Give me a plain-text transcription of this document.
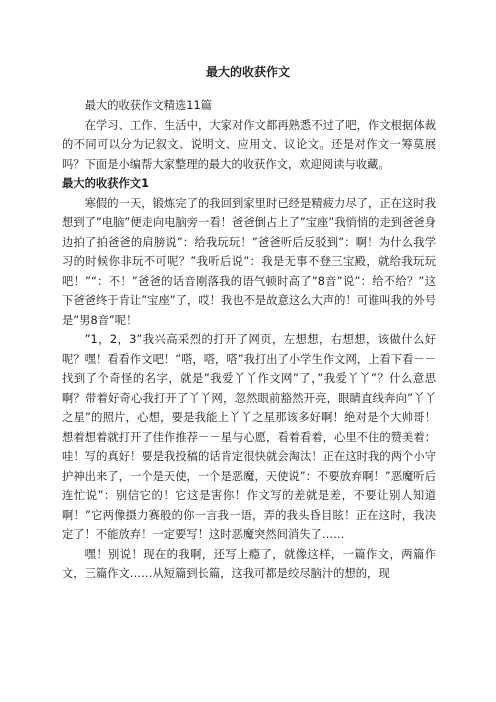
最大的收获作文

最大的收获作文精选11篇

在学习、工作、生活中，大家对作文都再熟悉不过了吧，作文根据体裁的不同可以分为记叙文、说明文、应用文、议论文。还是对作文一筹莫展吗？下面是小编帮大家整理的最大的收获作文，欢迎阅读与收藏。

最大的收获作文1

寒假的一天，锻炼完了的我回到家里时已经是精疲力尽了，正在这时我想到了”电脑”便走向电脑旁一看！爸爸倒占上了”宝座”我悄悄的走到爸爸身边拍了拍爸爸的肩膀说”：给我玩玩！”爸爸听后反驳到”：啊！为什么我学习的时候你非玩不可呢？”我听后说”：我是无事不登三宝殿，就给我玩玩吧！”“：不！”爸爸的话音刚落我的语气顿时高了”8音”说”：给不给？”这下爸爸终于肯让”宝座”了，哎！我也不是故意这么大声的！可谁叫我的外号是”男8音”呢！

”1，2，3”我兴高采烈的打开了网页，左想想，右想想，该做什么好呢？嘿！看看作文吧！”嗒，嗒，嗒”我打出了小学生作文网，上看下看－－找到了个奇怪的名字，就是”我爱丫丫作文网”了，”我爱丫丫”？什么意思啊？带着好奇心我打开了丫丫网，忽然眼前豁然开亮，眼睛直线奔向”丫丫之星”的照片，心想，要是我能上丫丫之星那该多好啊！绝对是个大帅哥！想着想着就打开了佳作推荐－－星与心愿，看着看着，心里不住的赞美着：哇！写的真好！要是我投稿的话肯定很快就会淘汰！正在这时我的两个小守护神出来了，一个是天使，一个是恶魔，天使说”：不要放弃啊！”恶魔听后连忙说”：别信它的！它这是害你！作文写的差就是差，不要让别人知道啊！”它两像摄力赛般的你一言我一语，弄的我头昏目眩！正在这时，我决定了！不能放弃！一定要写！这时恶魔突然间消失了……

嘿！别说！现在的我啊，还写上瘾了，就像这样，一篇作文，两篇作文，三篇作文……从短篇到长篇，这我可都是绞尽脑汁的想的，现
